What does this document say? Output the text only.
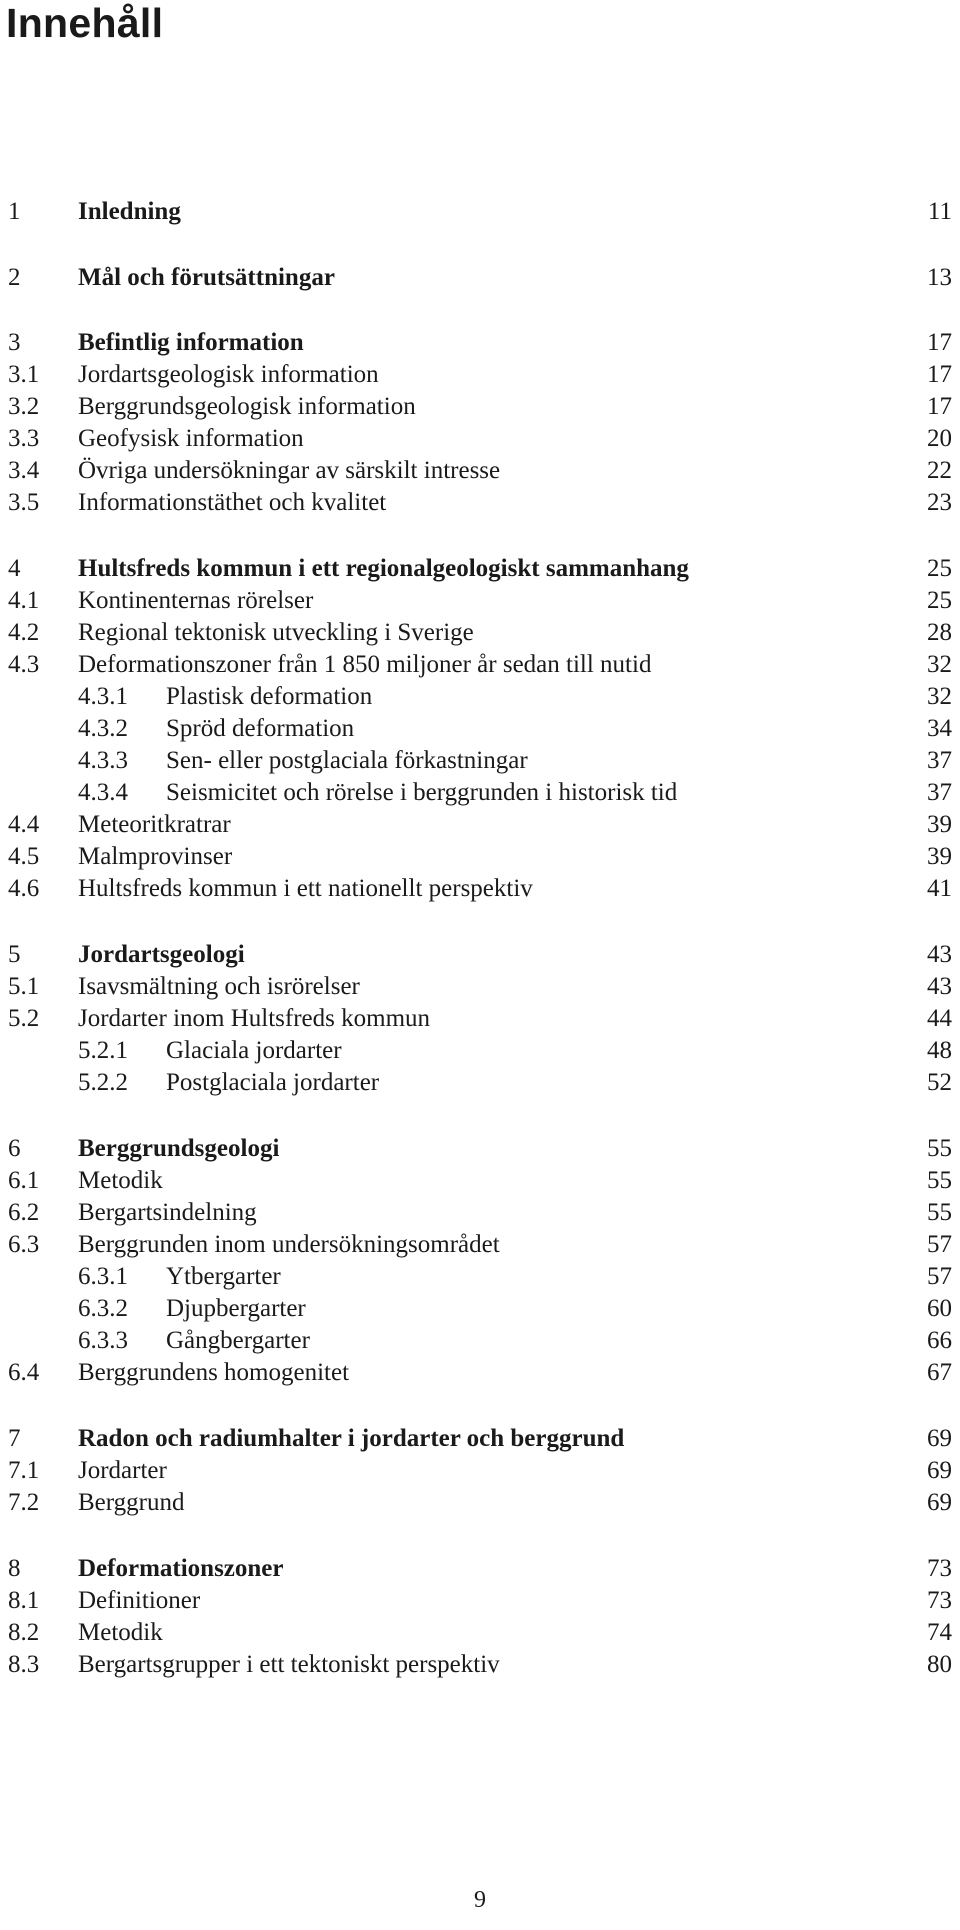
Innehåll
1 Inledning	11
2 Mål och förutsättningar	13
3 Befintlig information	17
3.1 Jordartsgeologisk information	17
3.2 Berggrundsgeologisk information	17
3.3 Geofysisk information	20
3.4 Övriga undersökningar av särskilt intresse	22
3.5 Informationstäthet och kvalitet	23
4 Hultsfreds kommun i ett regionalgeologiskt sammanhang	25
4.1 Kontinenternas rörelser	25
4.2 Regional tektonisk utveckling i Sverige	28
4.3 Deformationszoner från 1 850 miljoner år sedan till nutid	32
4.3.1 Plastisk deformation	32
4.3.2 Spröd deformation	34
4.3.3 Sen- eller postglaciala förkastningar	37
4.3.4 Seismicitet och rörelse i berggrunden i historisk tid	37
4.4 Meteoritkratrar	39
4.5 Malmprovinser	39
4.6 Hultsfreds kommun i ett nationellt perspektiv	41
5 Jordartsgeologi	43
5.1 Isavsmältning och isrörelser	43
5.2 Jordarter inom Hultsfreds kommun	44
5.2.1 Glaciala jordarter	48
5.2.2 Postglaciala jordarter	52
6 Berggrundsgeologi	55
6.1 Metodik	55
6.2 Bergartsindelning	55
6.3 Berggrunden inom undersökningsområdet	57
6.3.1 Ytbergarter	57
6.3.2 Djupbergarter	60
6.3.3 Gångbergarter	66
6.4 Berggrundens homogenitet	67
7 Radon och radiumhalter i jordarter och berggrund	69
7.1 Jordarter	69
7.2 Berggrund	69
8 Deformationszoner	73
8.1 Definitioner	73
8.2 Metodik	74
8.3 Bergartsgrupper i ett tektoniskt perspektiv	80
9
